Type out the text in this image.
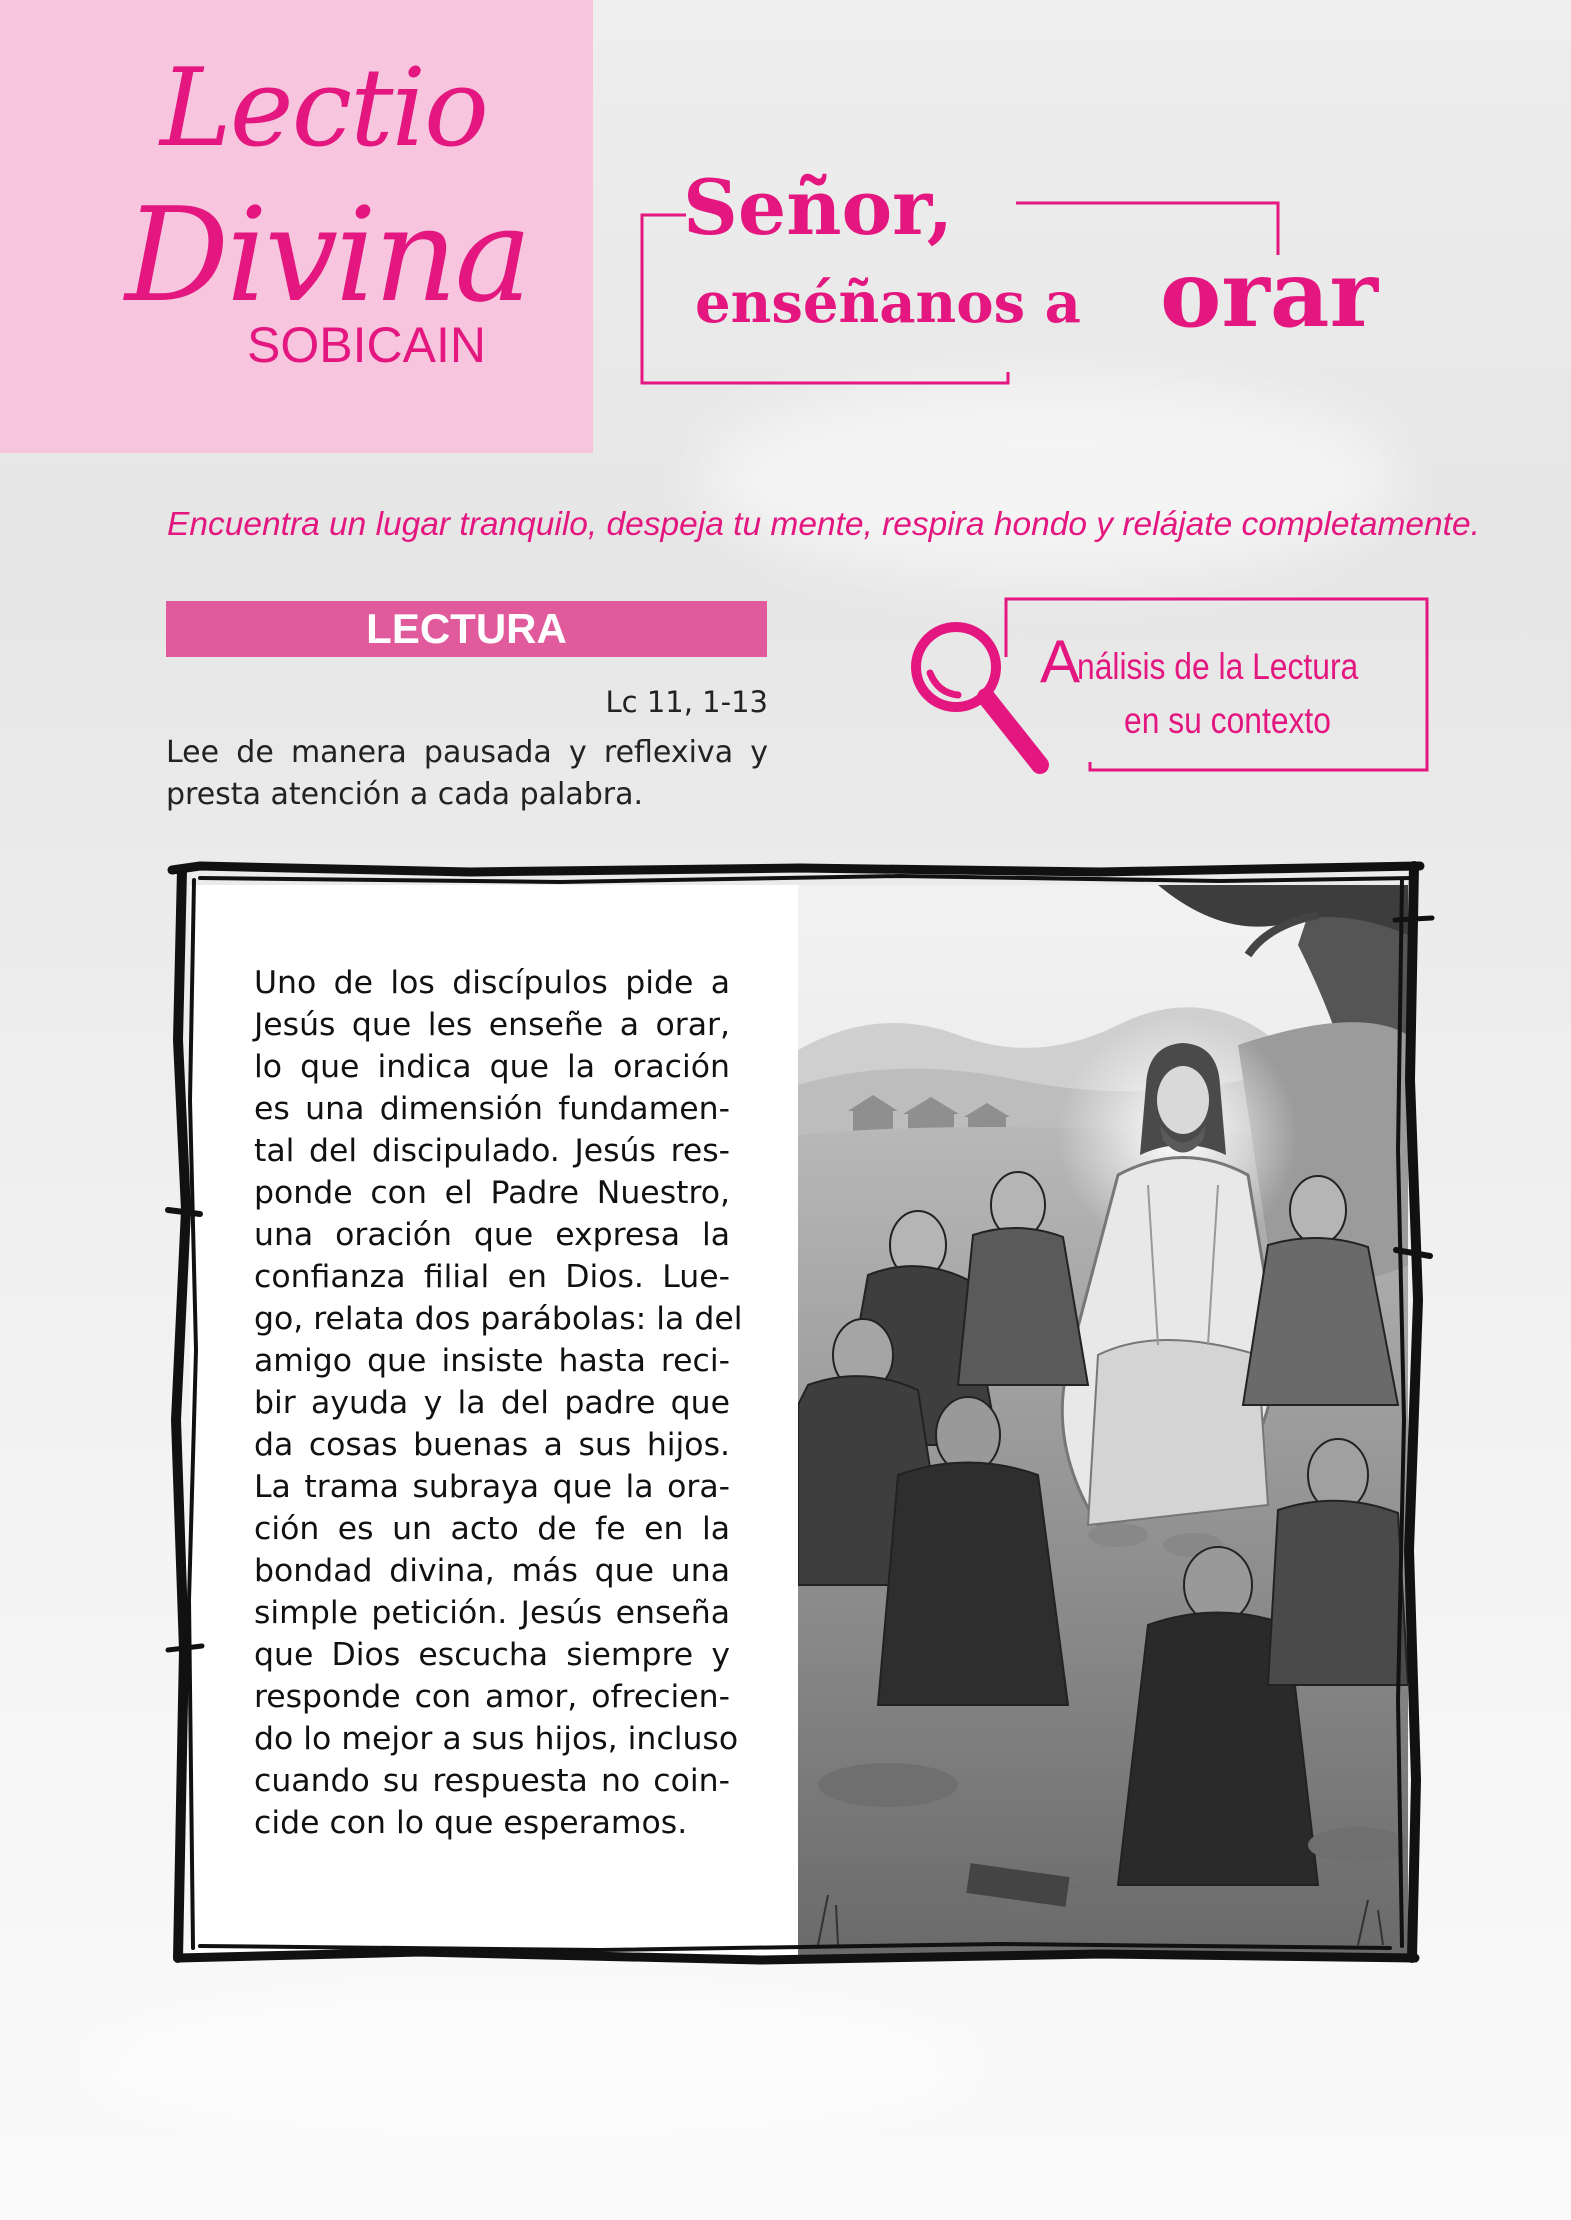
Lectio
Divina
SOBICAIN
Señor,
enséñanos a orar
Encuentra un lugar tranquilo, despeja tu mente, respira hondo y relájate completamente.
LECTURA
Lc 11, 1-13
Lee de manera pausada y reflexiva y presta atención a cada palabra.
A
nálisis de la Lectura
en su contexto
Uno de los discípulos pide a
Jesús que les enseñe a orar,
lo que indica que la oración
es una dimensión fundamen-
tal del discipulado. Jesús res-
ponde con el Padre Nuestro,
una oración que expresa la
confianza filial en Dios. Lue-
go, relata dos parábolas: la del
amigo que insiste hasta reci-
bir ayuda y la del padre que
da cosas buenas a sus hijos.
La trama subraya que la ora-
ción es un acto de fe en la
bondad divina, más que una
simple petición. Jesús enseña
que Dios escucha siempre y
responde con amor, ofrecien-
do lo mejor a sus hijos, incluso
cuando su respuesta no coin-
cide con lo que esperamos.
